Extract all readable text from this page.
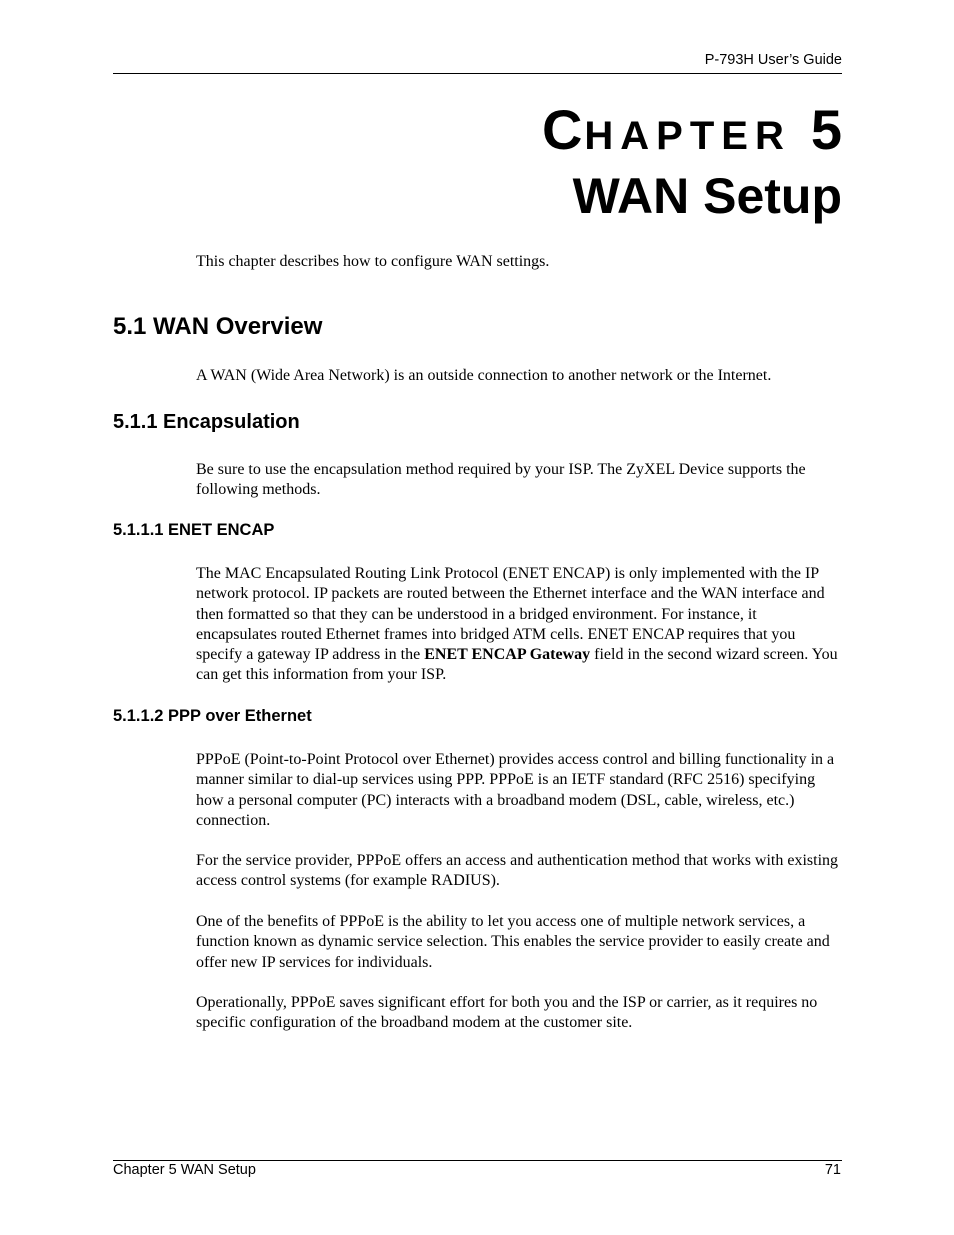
P-793H User’s Guide
CHAPTER 5
WAN Setup

This chapter describes how to configure WAN settings.

5.1 WAN Overview

A WAN (Wide Area Network) is an outside connection to another network or the Internet.

5.1.1 Encapsulation

Be sure to use the encapsulation method required by your ISP. The ZyXEL Device supports the following methods.

5.1.1.1 ENET ENCAP

The MAC Encapsulated Routing Link Protocol (ENET ENCAP) is only implemented with the IP network protocol. IP packets are routed between the Ethernet interface and the WAN interface and then formatted so that they can be understood in a bridged environment. For instance, it encapsulates routed Ethernet frames into bridged ATM cells. ENET ENCAP requires that you specify a gateway IP address in the ENET ENCAP Gateway field in the second wizard screen. You can get this information from your ISP.

5.1.1.2 PPP over Ethernet

PPPoE (Point-to-Point Protocol over Ethernet) provides access control and billing functionality in a manner similar to dial-up services using PPP. PPPoE is an IETF standard (RFC 2516) specifying how a personal computer (PC) interacts with a broadband modem (DSL, cable, wireless, etc.) connection.

For the service provider, PPPoE offers an access and authentication method that works with existing access control systems (for example RADIUS).

One of the benefits of PPPoE is the ability to let you access one of multiple network services, a function known as dynamic service selection. This enables the service provider to easily create and offer new IP services for individuals.

Operationally, PPPoE saves significant effort for both you and the ISP or carrier, as it requires no specific configuration of the broadband modem at the customer site.

Chapter 5 WAN Setup	71
